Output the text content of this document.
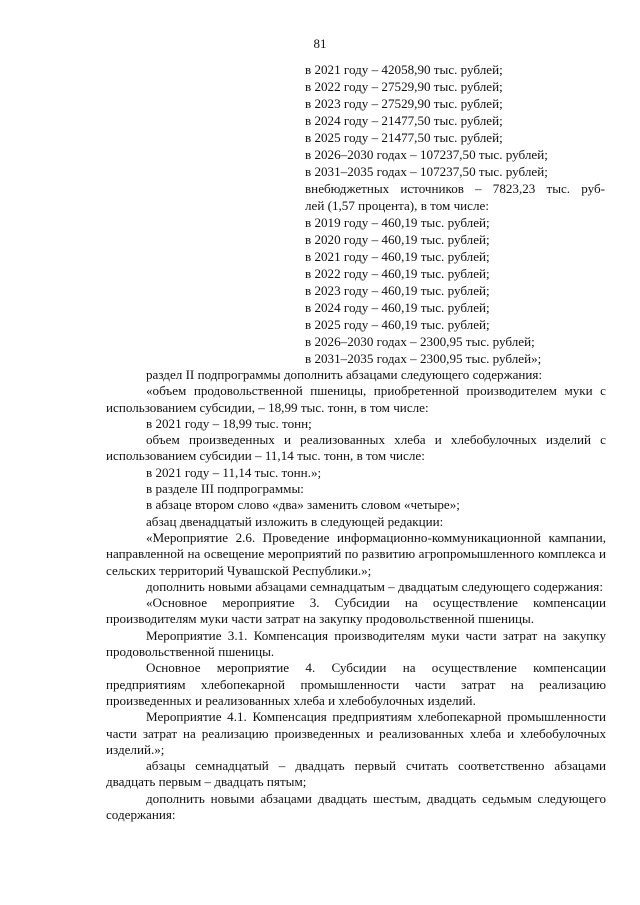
81
в 2021 году – 42058,90 тыс. рублей;
в 2022 году – 27529,90 тыс. рублей;
в 2023 году – 27529,90 тыс. рублей;
в 2024 году – 21477,50 тыс. рублей;
в 2025 году – 21477,50 тыс. рублей;
в 2026–2030 годах – 107237,50 тыс. рублей;
в 2031–2035 годах – 107237,50 тыс. рублей;
внебюджетных источников – 7823,23 тыс. руб-
лей (1,57 процента), в том числе:
в 2019 году – 460,19 тыс. рублей;
в 2020 году – 460,19 тыс. рублей;
в 2021 году – 460,19 тыс. рублей;
в 2022 году – 460,19 тыс. рублей;
в 2023 году – 460,19 тыс. рублей;
в 2024 году – 460,19 тыс. рублей;
в 2025 году – 460,19 тыс. рублей;
в 2026–2030 годах – 2300,95 тыс. рублей;
в 2031–2035 годах – 2300,95 тыс. рублей»;
раздел II подпрограммы дополнить абзацами следующего содержания:
«объем продовольственной пшеницы, приобретенной производителем муки с использованием субсидии, – 18,99 тыс. тонн, в том числе:
в 2021 году – 18,99 тыс. тонн;
объем произведенных и реализованных хлеба и хлебобулочных изделий с использованием субсидии – 11,14 тыс. тонн, в том числе:
в 2021 году – 11,14 тыс. тонн.»;
в разделе III подпрограммы:
в абзаце втором слово «два» заменить словом «четыре»;
абзац двенадцатый изложить в следующей редакции:
«Мероприятие 2.6. Проведение информационно-коммуникационной кампании, направленной на освещение мероприятий по развитию агропромышленного комплекса и сельских территорий Чувашской Республики.»;
дополнить новыми абзацами семнадцатым – двадцатым следующего содержания:
«Основное мероприятие 3. Субсидии на осуществление компенсации производителям муки части затрат на закупку продовольственной пшеницы.
Мероприятие 3.1. Компенсация производителям муки части затрат на закупку продовольственной пшеницы.
Основное мероприятие 4. Субсидии на осуществление компенсации предприятиям хлебопекарной промышленности части затрат на реализацию произведенных и реализованных хлеба и хлебобулочных изделий.
Мероприятие 4.1. Компенсация предприятиям хлебопекарной промышленности части затрат на реализацию произведенных и реализованных хлеба и хлебобулочных изделий.»;
абзацы семнадцатый – двадцать первый считать соответственно абзацами двадцать первым – двадцать пятым;
дополнить новыми абзацами двадцать шестым, двадцать седьмым следующего содержания:
